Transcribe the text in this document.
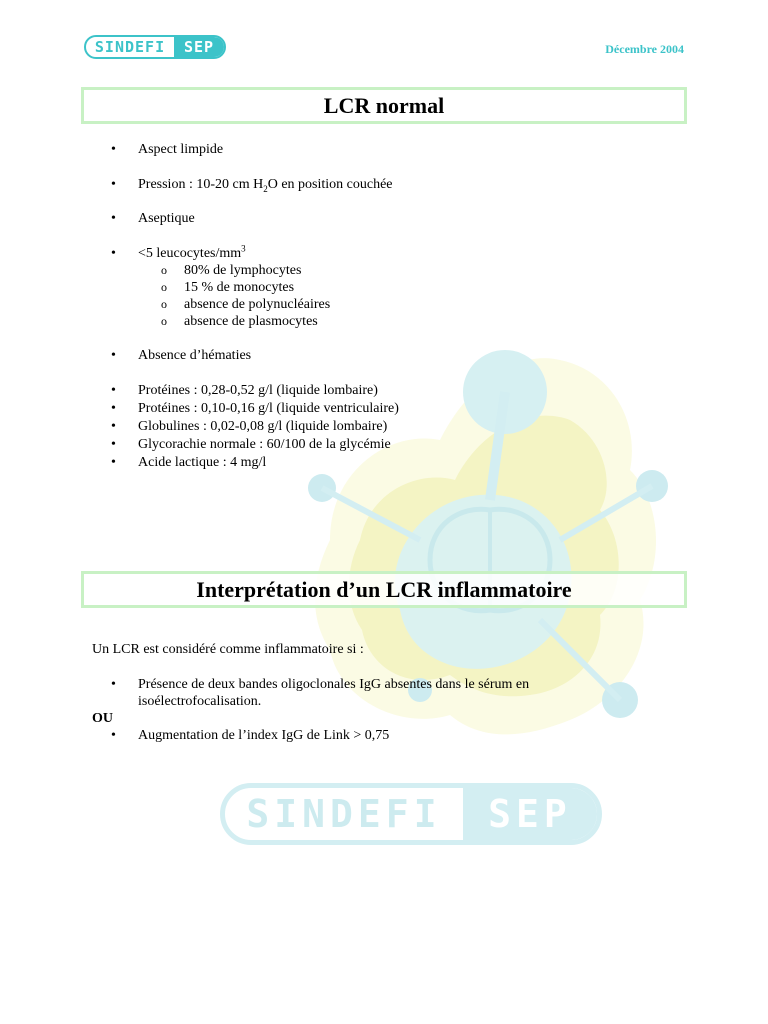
SINDEFI	SEP
SINDEFI	SEP	Décembre 2004
LCR normal
• Aspect limpide
• Pression : 10-20 cm $H_2O$ en position couchée
• Aseptique
• <5 leucocytes/$mm^3$
o 80% de lymphocytes
o 15 % de monocytes
o absence de polynucléaires
o absence de plasmocytes
• Absence d’hématies
• Protéines : 0,28-0,52 g/l (liquide lombaire)
• Protéines : 0,10-0,16 g/l (liquide ventriculaire)
• Globulines : 0,02-0,08 g/l (liquide lombaire)
• Glycorachie normale : 60/100 de la glycémie
• Acide lactique : 4 mg/l
Interprétation d’un LCR inflammatoire
Un LCR est considéré comme inflammatoire si :
• Présence de deux bandes oligoclonales IgG absentes dans le sérum en isoélectrofocalisation.
OU
• Augmentation de l’index IgG de Link > 0,75
